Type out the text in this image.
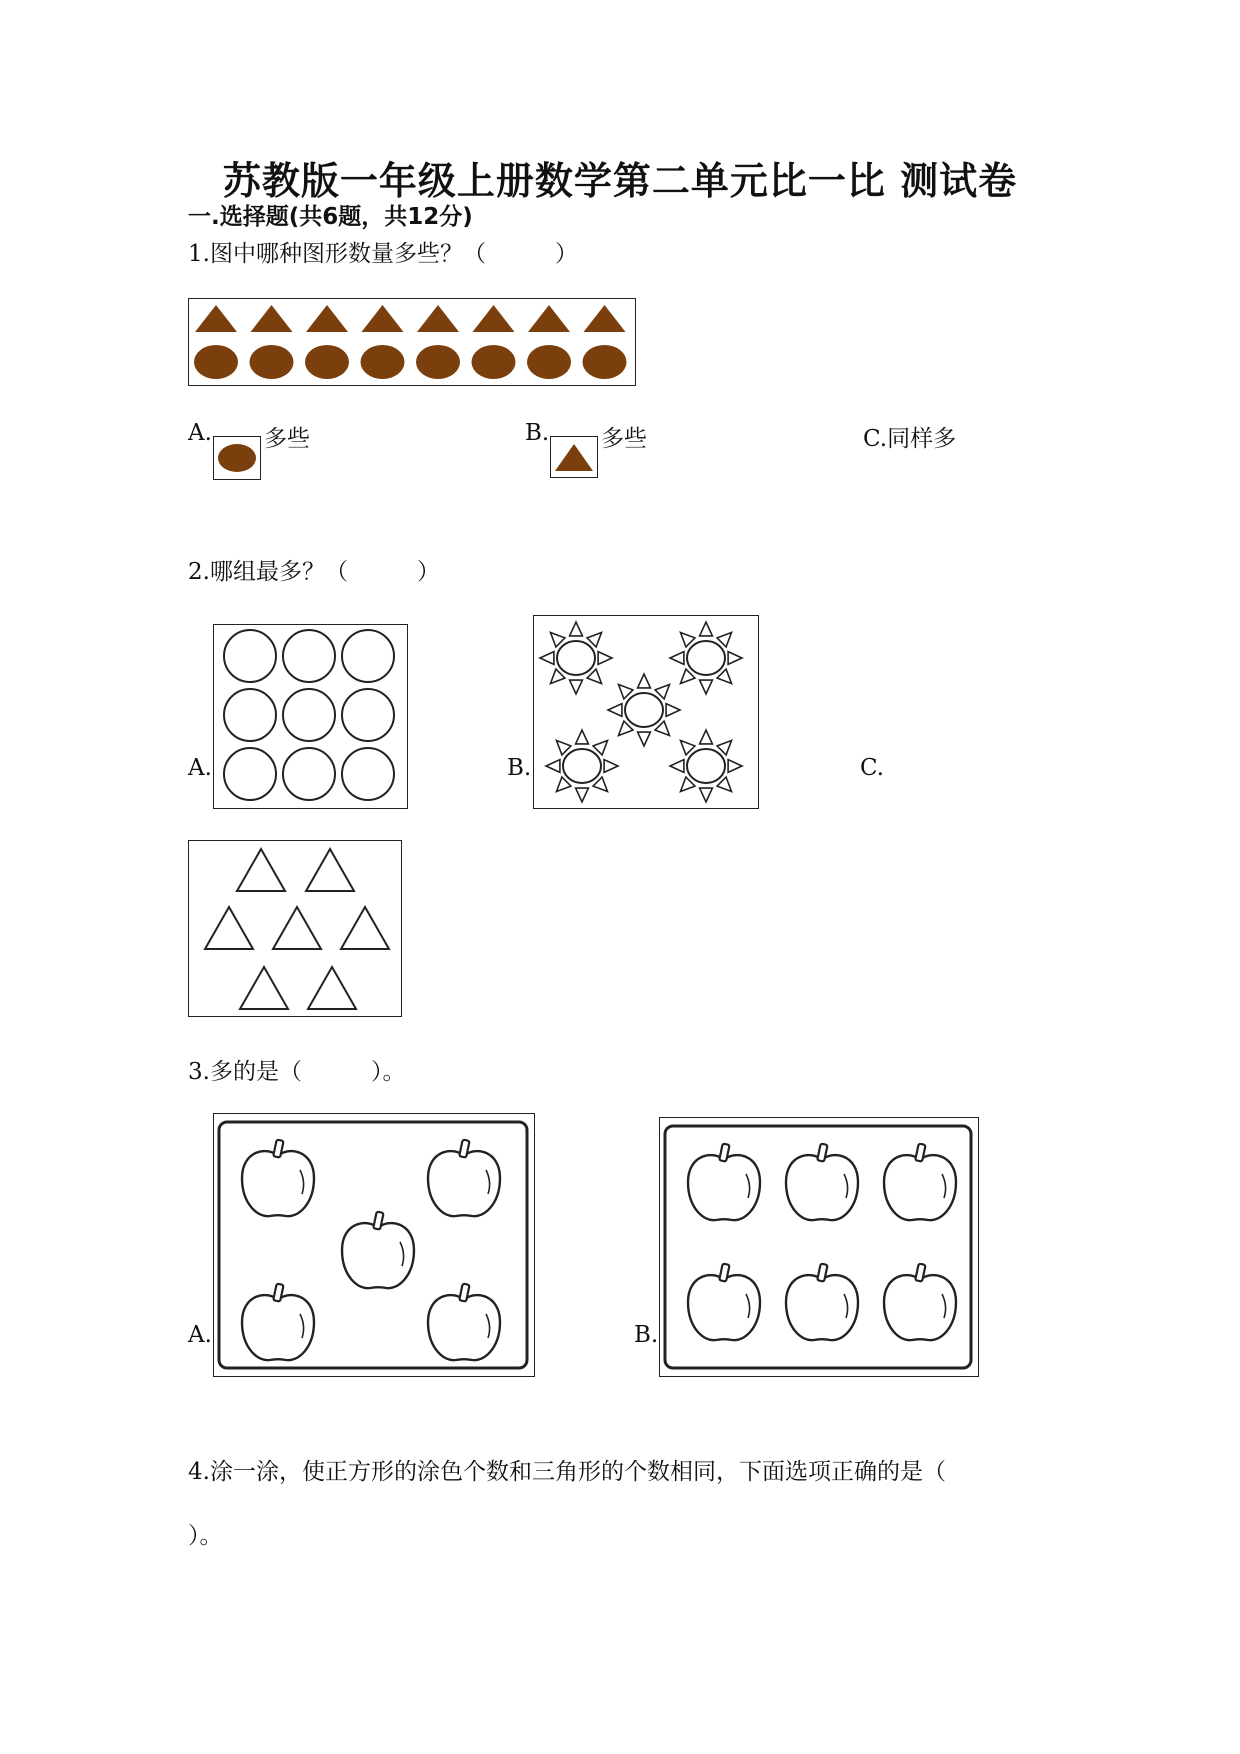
苏教版一年级上册数学第二单元比一比 测试卷
一.选择题(共6题，共12分)
1.图中哪种图形数量多些？（　　　）
A. 多些	B. 多些	C.同样多
2.哪组最多？（　　　）
A.	B.	C.
3.多的是（　　　）。
A.	B.
4.涂一涂，使正方形的涂色个数和三角形的个数相同，下面选项正确的是（
）。
